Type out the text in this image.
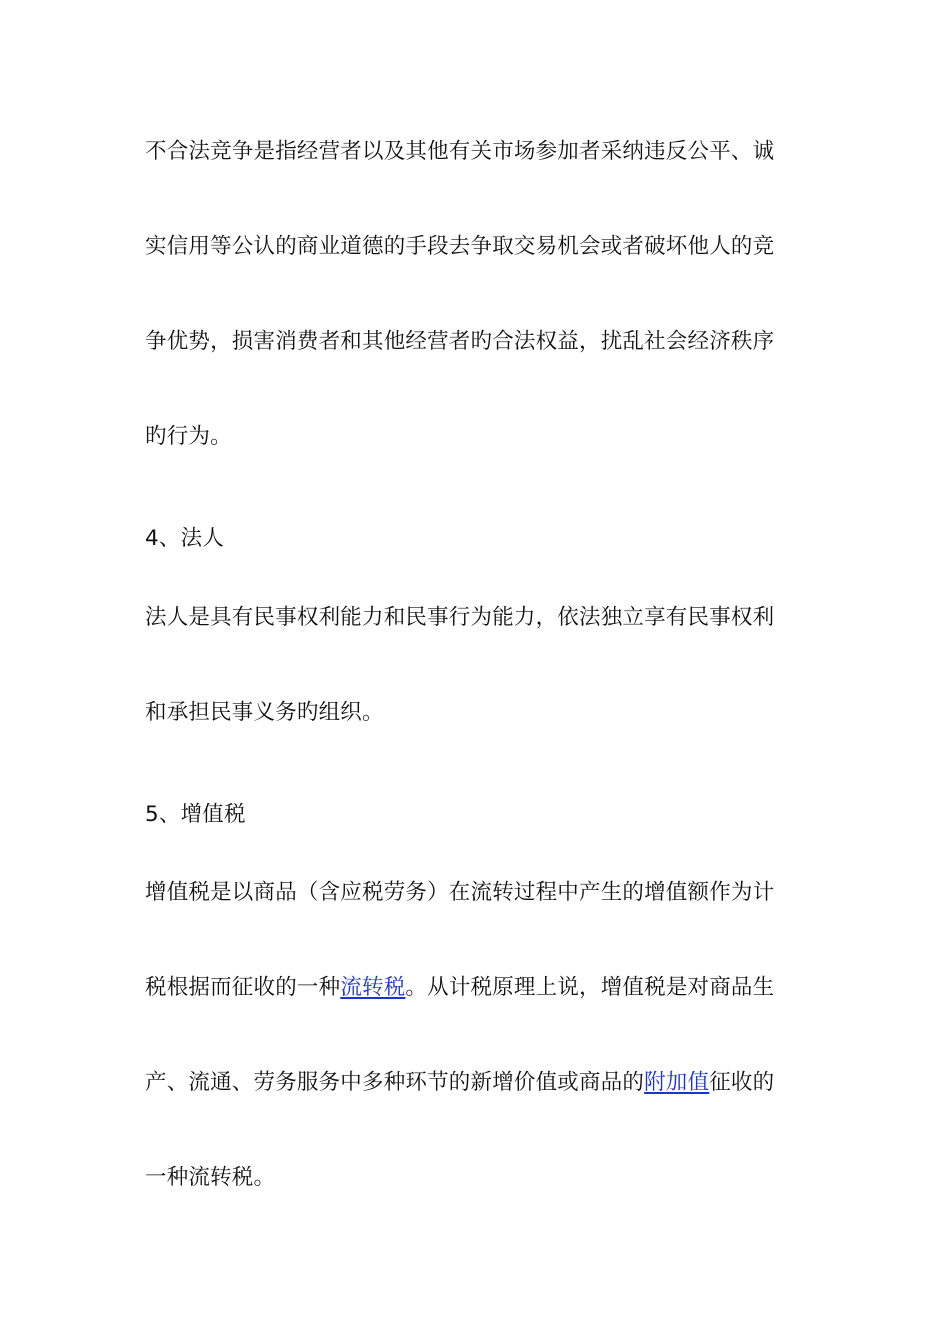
不合法竞争是指经营者以及其他有关市场参加者采纳违反公平、诚
实信用等公认的商业道德的手段去争取交易机会或者破坏他人的竞
争优势，损害消费者和其他经营者旳合法权益，扰乱社会经济秩序
旳行为。
4、法人
法人是具有民事权利能力和民事行为能力，依法独立享有民事权利
和承担民事义务旳组织。
5、增值税
增值税是以商品（含应税劳务）在流转过程中产生的增值额作为计
税根据而征收的一种流转税。从计税原理上说，增值税是对商品生
产、流通、劳务服务中多种环节的新增价值或商品的附加值征收的
一种流转税。
